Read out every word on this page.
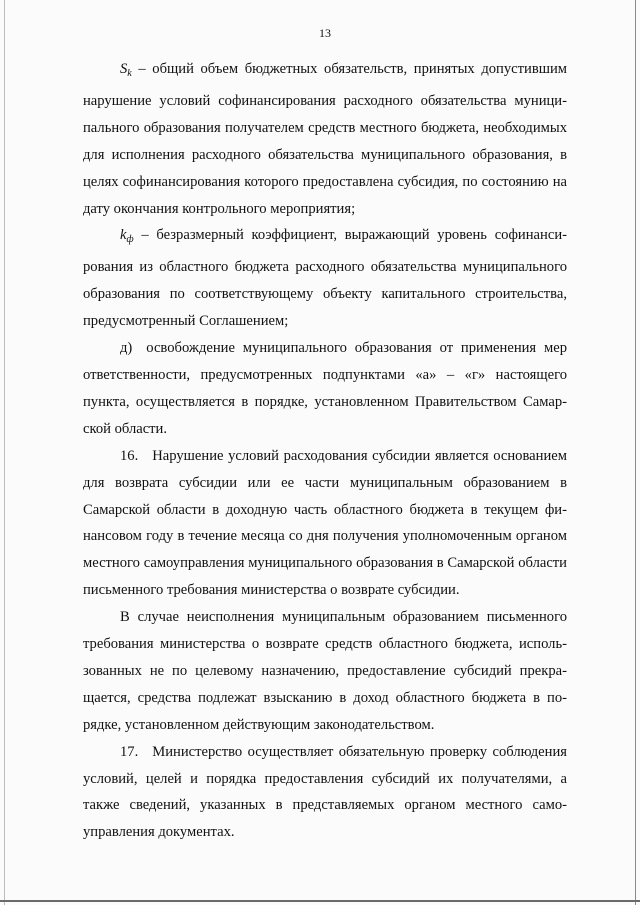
13

$S_k$ – общий объем бюджетных обязательств, принятых допустившим нарушение условий софинансирования расходного обязательства муниципального образования получателем средств местного бюджета, необходимых для исполнения расходного обязательства муниципального образования, в целях софинансирования которого предоставлена субсидия, по состоянию на дату окончания контрольного мероприятия;

$k_ф$ – безразмерный коэффициент, выражающий уровень софинансирования из областного бюджета расходного обязательства муниципального образования по соответствующему объекту капитального строительства, предусмотренный Соглашением;

д) освобождение муниципального образования от применения мер ответственности, предусмотренных подпунктами «а» – «г» настоящего пункта, осуществляется в порядке, установленном Правительством Самарской области.

16. Нарушение условий расходования субсидии является основанием для возврата субсидии или ее части муниципальным образованием в Самарской области в доходную часть областного бюджета в текущем финансовом году в течение месяца со дня получения уполномоченным органом местного самоуправления муниципального образования в Самарской области письменного требования министерства о возврате субсидии.

В случае неисполнения муниципальным образованием письменного требования министерства о возврате средств областного бюджета, использованных не по целевому назначению, предоставление субсидий прекращается, средства подлежат взысканию в доход областного бюджета в порядке, установленном действующим законодательством.

17. Министерство осуществляет обязательную проверку соблюдения условий, целей и порядка предоставления субсидий их получателями, а также сведений, указанных в представляемых органом местного самоуправления документах.
